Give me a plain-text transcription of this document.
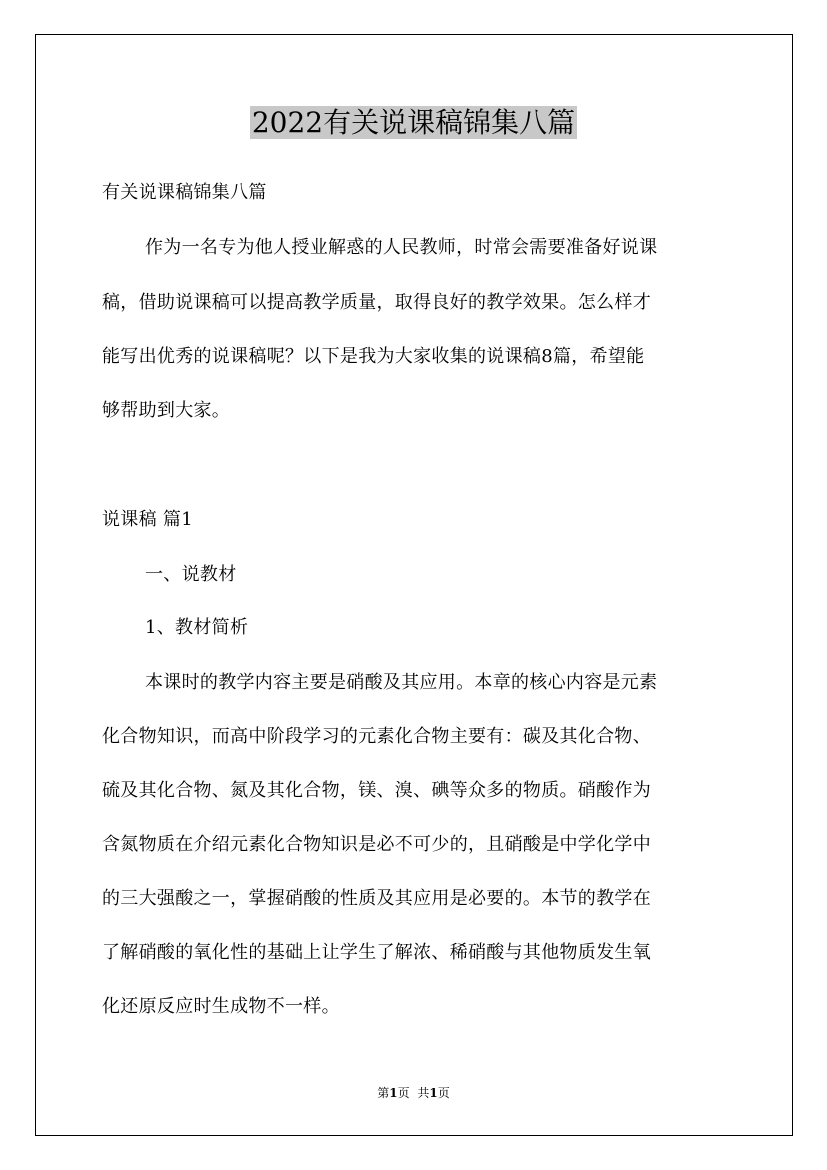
2022有关说课稿锦集八篇
有关说课稿锦集八篇
作为一名专为他人授业解惑的人民教师，时常会需要准备好说课
稿，借助说课稿可以提高教学质量，取得良好的教学效果。怎么样才
能写出优秀的说课稿呢？以下是我为大家收集的说课稿8篇，希望能
够帮助到大家。
说课稿 篇1
一、说教材
1、教材简析
本课时的教学内容主要是硝酸及其应用。本章的核心内容是元素
化合物知识，而高中阶段学习的元素化合物主要有：碳及其化合物、
硫及其化合物、氮及其化合物，镁、溴、碘等众多的物质。硝酸作为
含氮物质在介绍元素化合物知识是必不可少的，且硝酸是中学化学中
的三大强酸之一，掌握硝酸的性质及其应用是必要的。本节的教学在
了解硝酸的氧化性的基础上让学生了解浓、稀硝酸与其他物质发生氧
化还原反应时生成物不一样。
第1页 共1页
